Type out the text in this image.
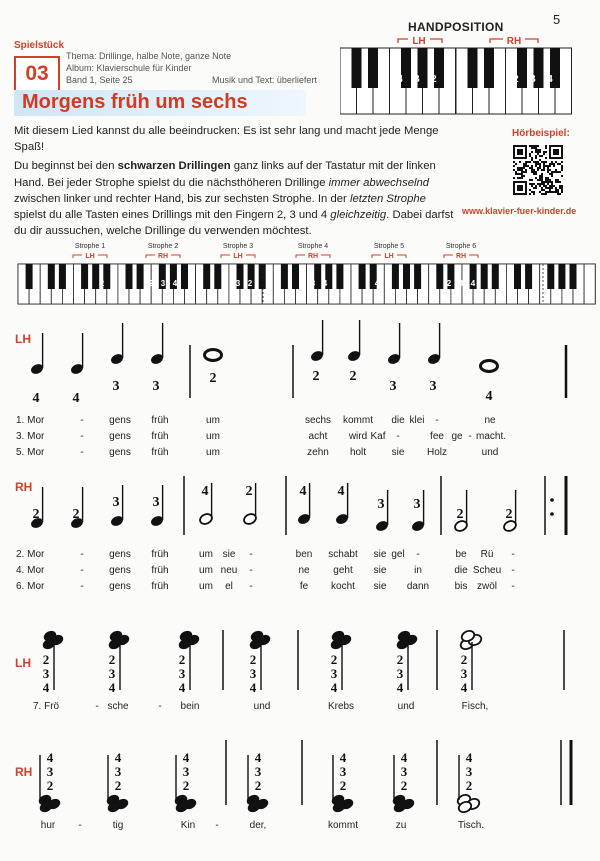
5
HANDPOSITION
LH	RH
4 3 2	2 3 4
Spielstück
03
Thema: Drillinge, halbe Note, ganze Note
Album: Klavierschule für Kinder
Band 1, Seite 25	Musik und Text: überliefert
Morgens früh um sechs

Mit diesem Lied kannst du alle beeindrucken: Es ist sehr lang und macht jede Menge Spaß!

Du beginnst bei den schwarzen Drillingen ganz links auf der Tastatur mit der linken Hand. Bei jeder Strophe spielst du die nächsthöheren Drillinge immer abwechselnd zwischen linker und rechter Hand, bis zur sechsten Strophe. In der letzten Strophe spielst du alle Tasten eines Drillings mit den Fingern 2, 3 und 4 gleichzeitig. Dabei darfst du dir aussuchen, welche Drillinge du verwenden möchtest.

Hörbeispiel:
www.klavier-fuer-kinder.de
Strophe 1
LH
4 3 2
Strophe 2
RH
2 3 4
Strophe 3
LH
4 3 2
Strophe 4
RH
2 3 4
Strophe 5
LH
4 3 2
Strophe 6
RH
2 3 4
4 4
3 3
2 2
3 3
2
4
2 2
3 3
4 4
3 3
4	2
2	2
2
3
4
2
3
4
2
3
4
2
3
4
2
3
4
2
3
4
2
3
4
4
3
2
4
3
2
4
3
2
4
3
2
4
3
2
4
3
2
4
3
2
LH
RH
LH
RH
1. Mor	-	gens früh	um	sechs kommt die klei -	ne
3. Mor	-	gens früh	um	acht wird Kaf -	fee ge - macht.
5. Mor	-	gens früh	um	zehn holt	sie Holz	und
2. Mor	-	gens früh	um sie -	ben schabt sie gel -	be Rü -
4. Mor	-	gens früh	um neu -	ne geht sie	in	die Scheu -
6. Mor	-	gens früh	um el -	fe kocht sie dann	bis zwöl -
7. Frö	- sche	- bein	und	Krebs	und	Fisch,
hur -	tig	Kin -	der,	kommt	zu	Tisch.
